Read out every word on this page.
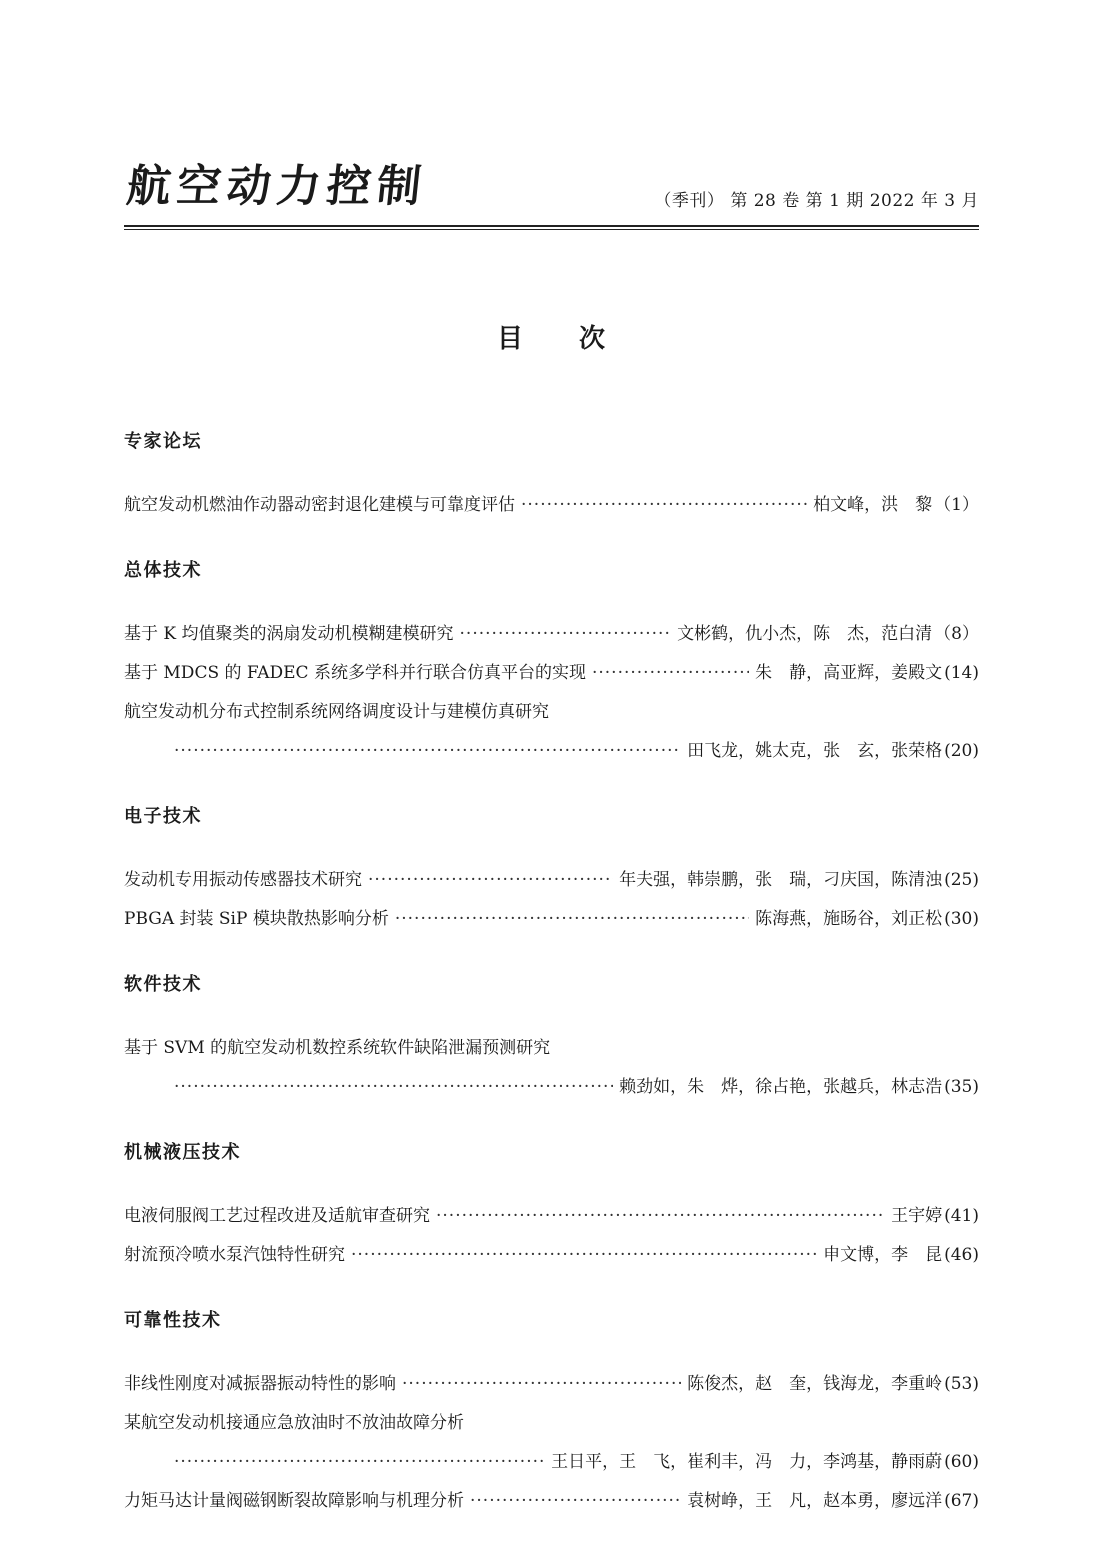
航空动力控制	（季刊） 第 28 卷 第 1 期 2022 年 3 月
目次
专家论坛
航空发动机燃油作动器动密封退化建模与可靠度评估 ·····	柏文峰，洪　黎 （1）
总体技术
基于 K 均值聚类的涡扇发动机模糊建模研究 ·····	文彬鹤，仇小杰，陈　杰，范白清 （8）
基于 MDCS 的 FADEC 系统多学科并行联合仿真平台的实现 ·····	朱　静，高亚辉，姜殿文 (14)
航空发动机分布式控制系统网络调度设计与建模仿真研究
·····
田飞龙，姚太克，张　玄，张荣格 (20)
电子技术
发动机专用振动传感器技术研究 ·····	年夫强，韩崇鹏，张　瑞，刁庆国，陈清浊 (25)
PBGA 封装 SiP 模块散热影响分析 ·····	陈海燕，施旸谷，刘正松 (30)
软件技术
基于 SVM 的航空发动机数控系统软件缺陷泄漏预测研究
·····
赖劲如，朱　烨，徐占艳，张越兵，林志浩 (35)
机械液压技术
电液伺服阀工艺过程改进及适航审查研究 ·····	王宇婷 (41)
射流预冷喷水泵汽蚀特性研究 ·····	申文博，李　昆 (46)
可靠性技术
非线性刚度对减振器振动特性的影响 ·····	陈俊杰，赵　奎，钱海龙，李重岭 (53)
某航空发动机接通应急放油时不放油故障分析
·····
王日平，王　飞，崔利丰，冯　力，李鸿基，静雨蔚 (60)
力矩马达计量阀磁钢断裂故障影响与机理分析 ·····	袁树峥，王　凡，赵本勇，廖远洋 (67)
